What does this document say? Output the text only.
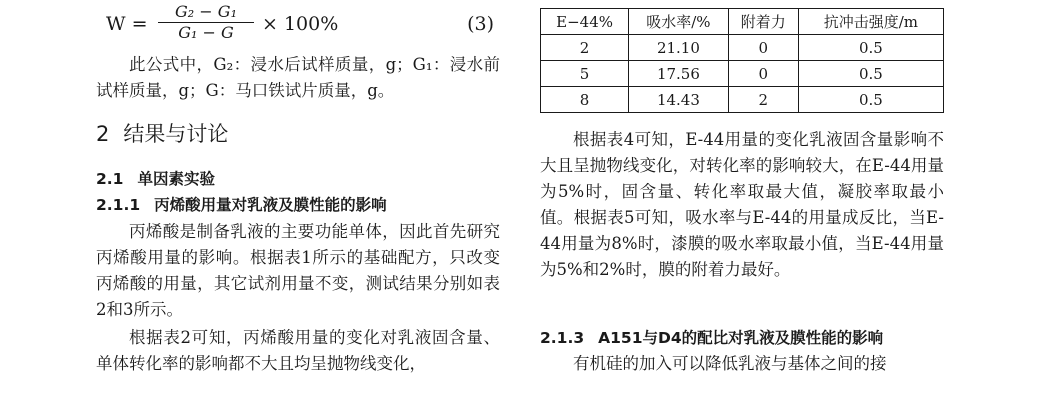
$W = \frac{\text{G₂ − G₁}}{\text{G₁ − G}} \times 100\%$	(3)
此公式中，G₂：浸水后试样质量，g；G₁：浸水前试样质量，g；G：马口铁试片质量，g。
2 结果与讨论
2.1 单因素实验
2.1.1 丙烯酸用量对乳液及膜性能的影响
丙烯酸是制备乳液的主要功能单体，因此首先研究丙烯酸用量的影响。根据表1所示的基础配方，只改变丙烯酸的用量，其它试剂用量不变，测试结果分别如表2和3所示。
根据表2可知，丙烯酸用量的变化对乳液固含量、单体转化率的影响都不大且均呈抛物线变化，
E−44%	吸水率/%	附着力	抗冲击强度/m
2	21.10	0	0.5
5	17.56	0	0.5
8	14.43	2	0.5
根据表4可知，E-44用量的变化乳液固含量影响不大且呈抛物线变化，对转化率的影响较大，在E-44用量为5%时，固含量、转化率取最大值，凝胶率取最小值。根据表5可知，吸水率与E-44的用量成反比，当E-44用量为8%时，漆膜的吸水率取最小值，当E-44用量为5%和2%时，膜的附着力最好。
2.1.3 A151与D4的配比对乳液及膜性能的影响
有机硅的加入可以降低乳液与基体之间的接
